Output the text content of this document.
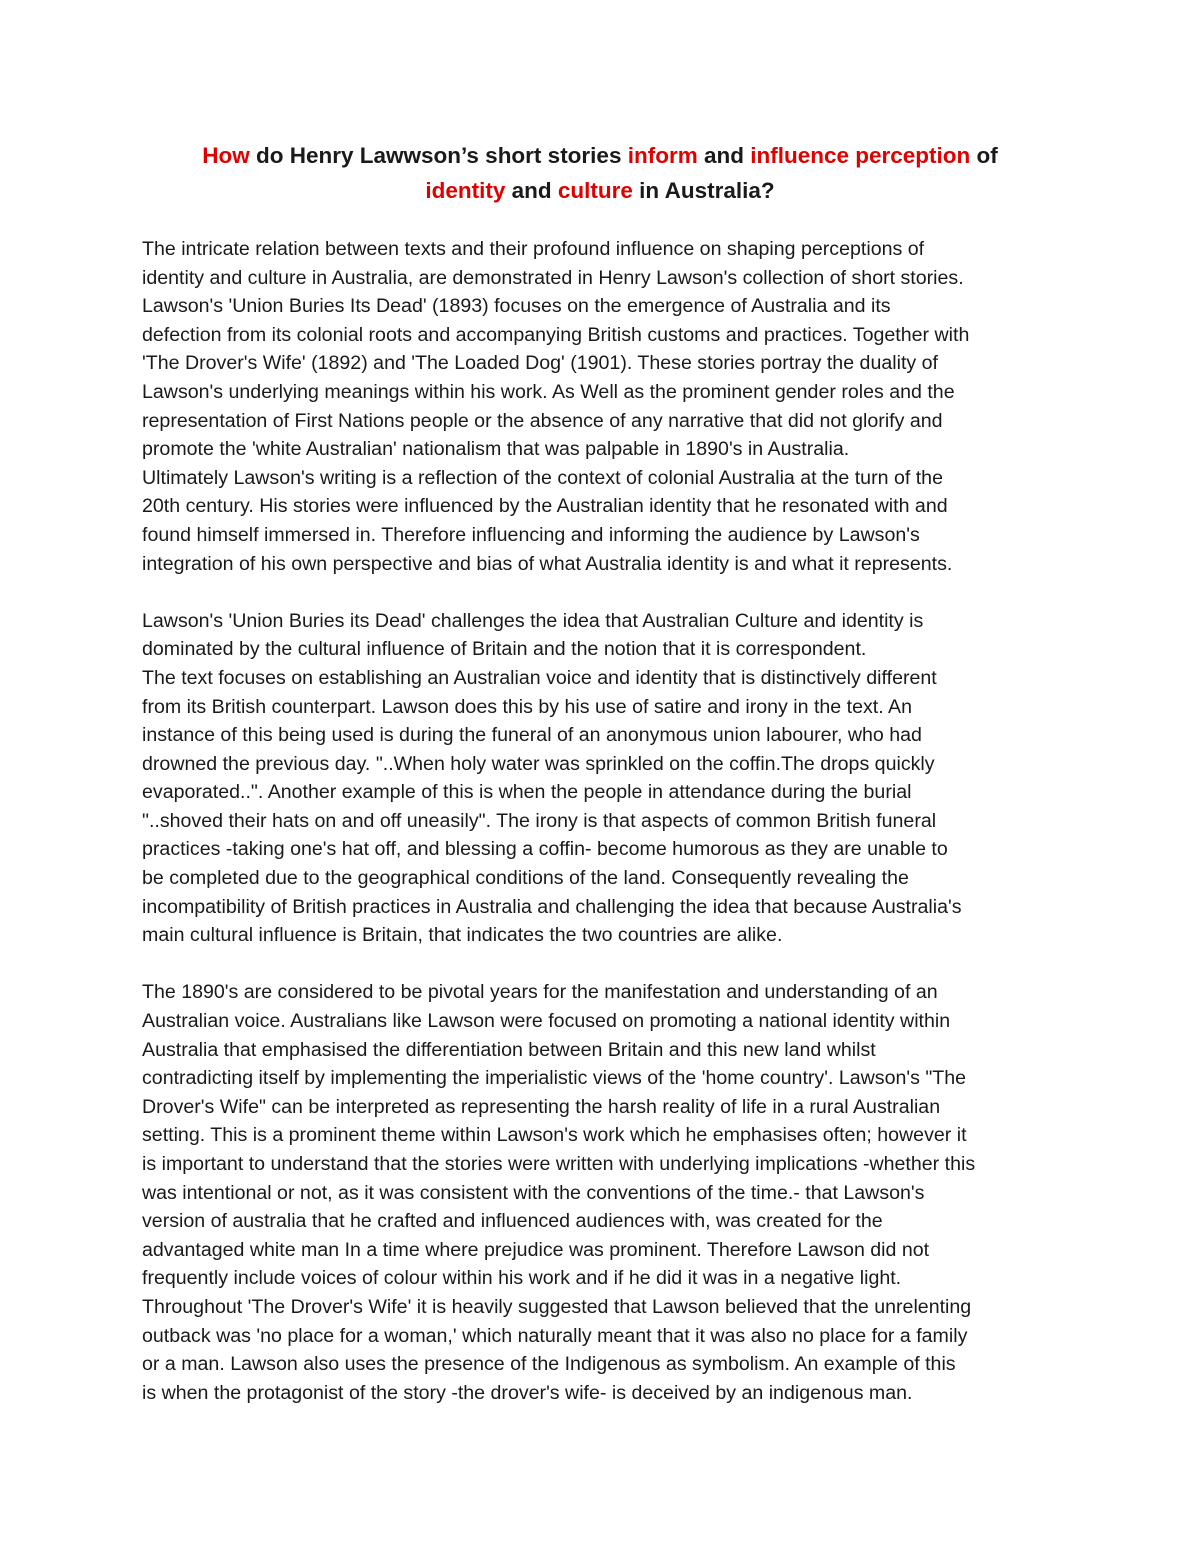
How do Henry Lawwson’s short stories inform and influence perception of
identity and culture in Australia?
The intricate relation between texts and their profound influence on shaping perceptions of
identity and culture in Australia, are demonstrated in Henry Lawson's collection of short stories.
Lawson's 'Union Buries Its Dead' (1893) focuses on the emergence of Australia and its
defection from its colonial roots and accompanying British customs and practices. Together with
'The Drover's Wife' (1892) and 'The Loaded Dog' (1901). These stories portray the duality of
Lawson's underlying meanings within his work. As Well as the prominent gender roles and the
representation of First Nations people or the absence of any narrative that did not glorify and
promote the 'white Australian' nationalism that was palpable in 1890's in Australia.
Ultimately Lawson's writing is a reflection of the context of colonial Australia at the turn of the
20th century. His stories were influenced by the Australian identity that he resonated with and
found himself immersed in. Therefore influencing and informing the audience by Lawson's
integration of his own perspective and bias of what Australia identity is and what it represents.
Lawson's 'Union Buries its Dead' challenges the idea that Australian Culture and identity is
dominated by the cultural influence of Britain and the notion that it is correspondent.
The text focuses on establishing an Australian voice and identity that is distinctively different
from its British counterpart. Lawson does this by his use of satire and irony in the text. An
instance of this being used is during the funeral of an anonymous union labourer, who had
drowned the previous day. "..When holy water was sprinkled on the coffin.The drops quickly
evaporated..". Another example of this is when the people in attendance during the burial
"..shoved their hats on and off uneasily". The irony is that aspects of common British funeral
practices -taking one's hat off, and blessing a coffin- become humorous as they are unable to
be completed due to the geographical conditions of the land. Consequently revealing the
incompatibility of British practices in Australia and challenging the idea that because Australia's
main cultural influence is Britain, that indicates the two countries are alike.
The 1890's are considered to be pivotal years for the manifestation and understanding of an
Australian voice. Australians like Lawson were focused on promoting a national identity within
Australia that emphasised the differentiation between Britain and this new land whilst
contradicting itself by implementing the imperialistic views of the 'home country'. Lawson's "The
Drover's Wife" can be interpreted as representing the harsh reality of life in a rural Australian
setting. This is a prominent theme within Lawson's work which he emphasises often; however it
is important to understand that the stories were written with underlying implications -whether this
was intentional or not, as it was consistent with the conventions of the time.- that Lawson's
version of australia that he crafted and influenced audiences with, was created for the
advantaged white man In a time where prejudice was prominent. Therefore Lawson did not
frequently include voices of colour within his work and if he did it was in a negative light.
Throughout 'The Drover's Wife' it is heavily suggested that Lawson believed that the unrelenting
outback was 'no place for a woman,' which naturally meant that it was also no place for a family
or a man. Lawson also uses the presence of the Indigenous as symbolism. An example of this
is when the protagonist of the story -the drover's wife- is deceived by an indigenous man.
